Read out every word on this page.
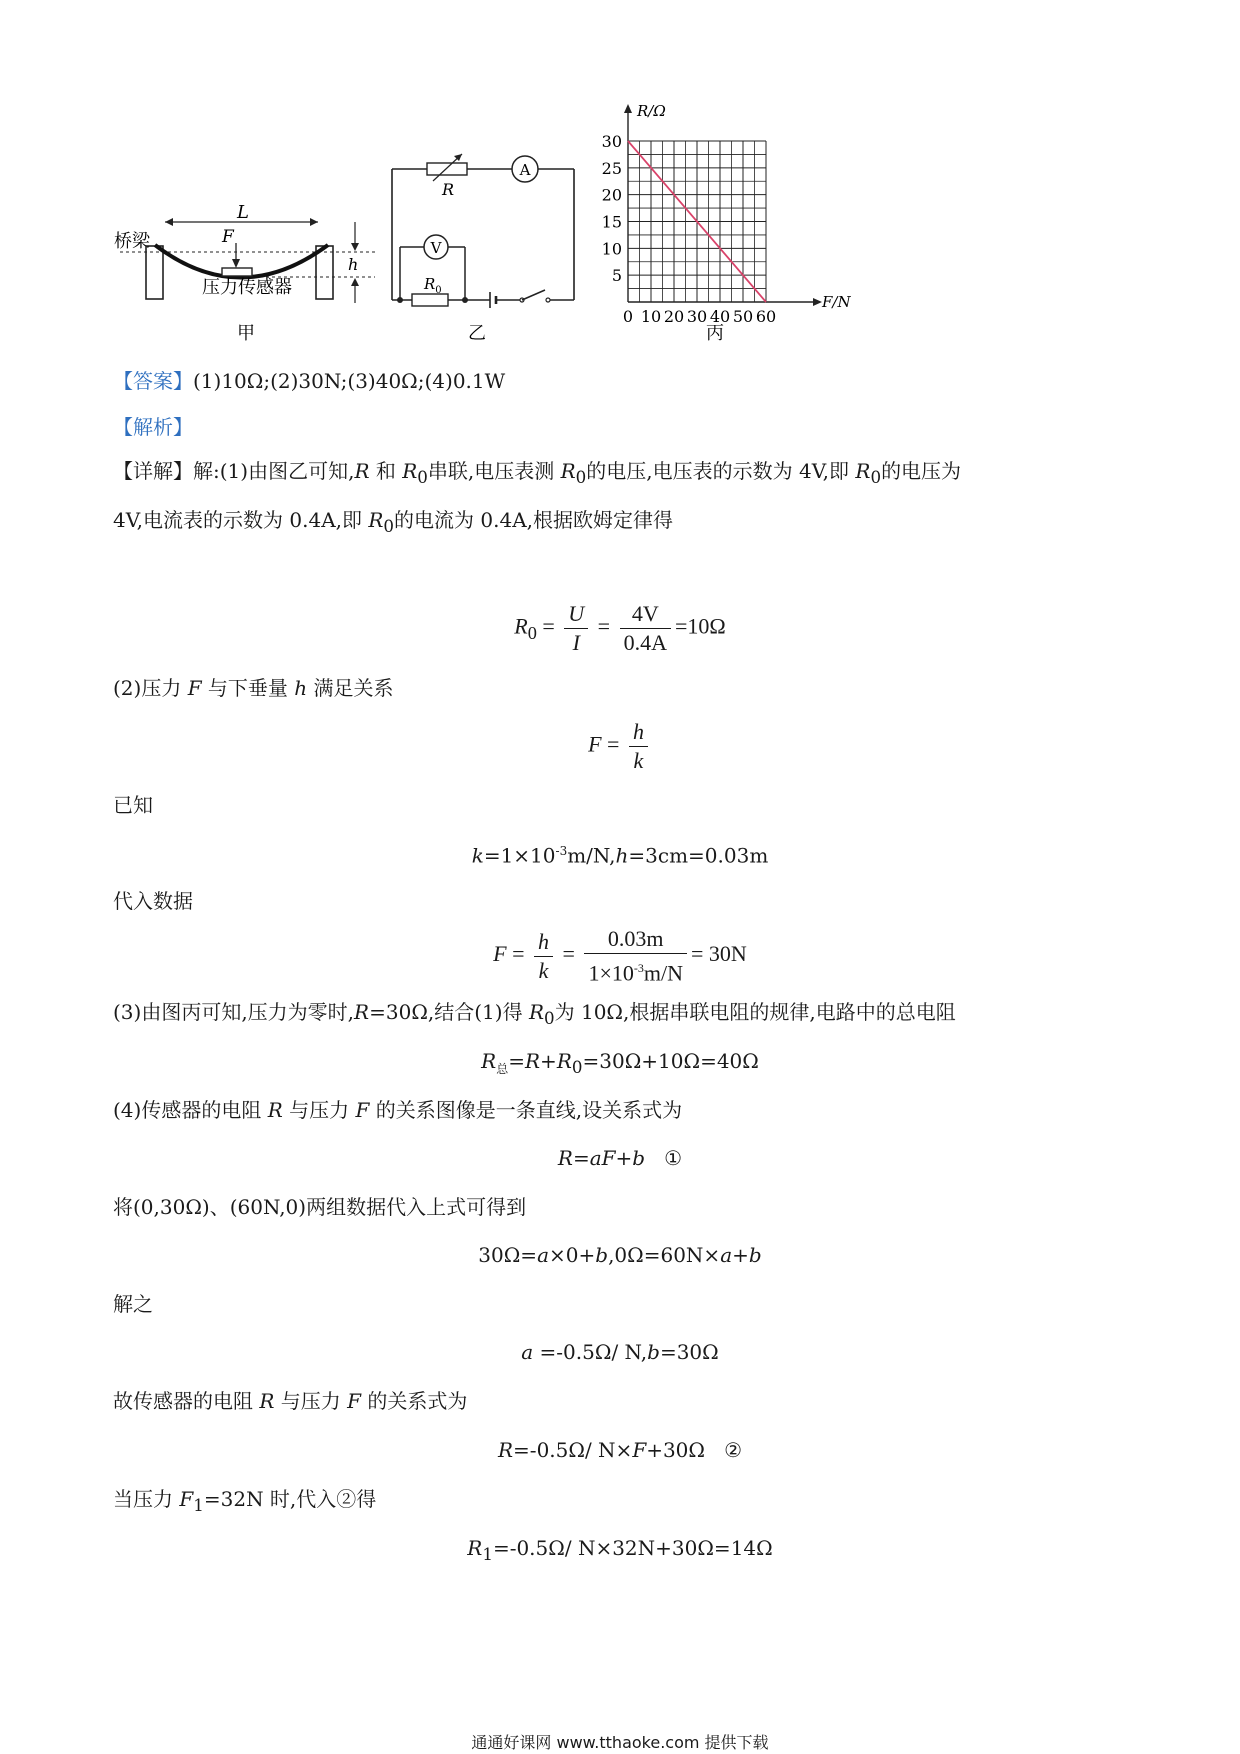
桥梁
L
F
h
压力传感器
甲
R
A
V
$R_0$
乙
5
10
15
20
25
30
0 10 20 30 40 50 60
R/Ω
F/N
丙
【答案】(1)10Ω;(2)30N;(3)40Ω;(4)0.1W
【解析】
【详解】解:(1)由图乙可知,R 和 $R_0$串联,电压表测 $R_0$的电压,电压表的示数为 4V,即 $R_0$的电压为
4V,电流表的示数为 0.4A,即 $R_0$的电流为 0.4A,根据欧姆定律得
$R_0 = \frac{U}{I} = \frac{4V}{0.4A} =10\Omega$
(2)压力 F 与下垂量 h 满足关系
$F = \frac{h}{k}$
已知
$k=1\times 10^{-3}m/N,h=3cm=0.03m$
代入数据
$F = \frac{h}{k} = \frac{0.03m}{1\times 10^{-3}m/N} = 30N$
(3)由图丙可知,压力为零时,R=30Ω,结合(1)得 $R_0$为 10Ω,根据串联电阻的规律,电路中的总电阻
$R_总=R+R_0=30\Omega+10\Omega=40\Omega$
(4)传感器的电阻 R 与压力 F 的关系图像是一条直线,设关系式为
R=aF+b ①
将(0,30Ω)、(60N,0)两组数据代入上式可得到
30Ω=a×0+b,0Ω=60N×a+b
解之
a =-0.5Ω/ N,b=30Ω
故传感器的电阻 R 与压力 F 的关系式为
R=-0.5Ω/ N×F+30Ω ②
当压力 $F_1=32N$ 时,代入②得
$R_1=-0.5\Omega/$ N×32N+30Ω=14Ω
通通好课网 www.tthaoke.com 提供下载
